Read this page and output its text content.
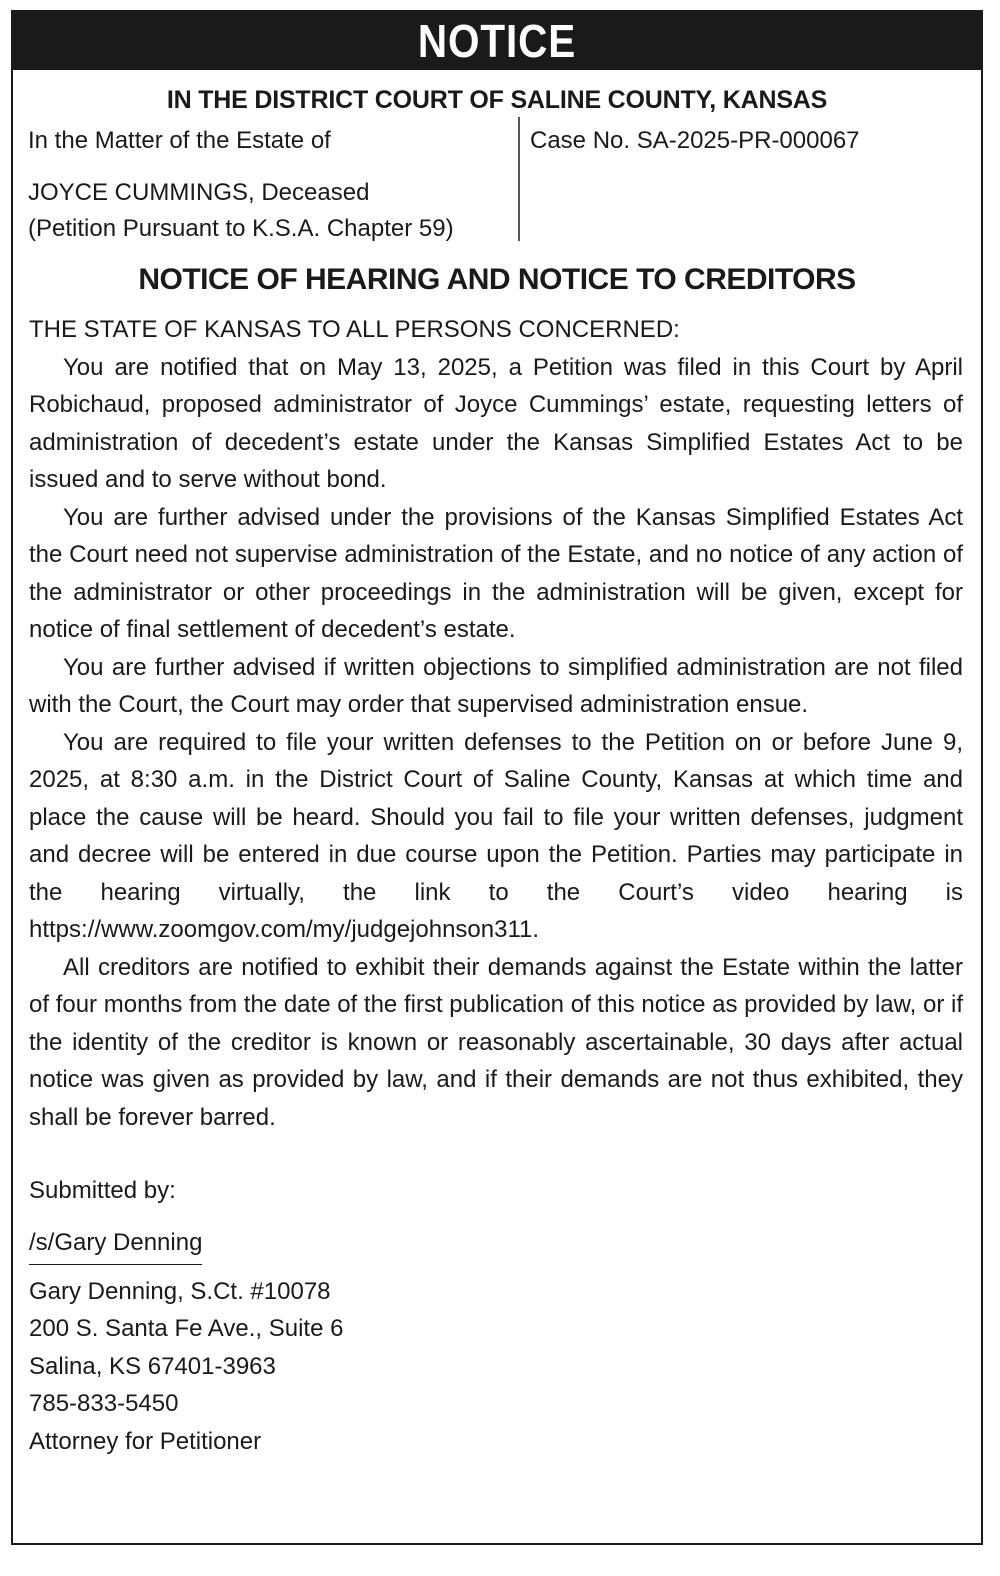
NOTICE
IN THE DISTRICT COURT OF SALINE COUNTY, KANSAS
In the Matter of the Estate of
JOYCE CUMMINGS, Deceased
(Petition Pursuant to K.S.A. Chapter 59)
Case No. SA-2025-PR-000067
NOTICE OF HEARING AND NOTICE TO CREDITORS

THE STATE OF KANSAS TO ALL PERSONS CONCERNED:

You are notified that on May 13, 2025, a Petition was filed in this Court by April Robichaud, proposed administrator of Joyce Cummings’ estate, requesting letters of administration of decedent’s estate under the Kansas Simplified Estates Act to be issued and to serve without bond.

You are further advised under the provisions of the Kansas Simplified Estates Act the Court need not supervise administration of the Estate, and no notice of any action of the administrator or other proceedings in the administration will be given, except for notice of final settlement of decedent’s estate.

You are further advised if written objections to simplified administration are not filed with the Court, the Court may order that supervised administration ensue.

You are required to file your written defenses to the Petition on or before June 9, 2025, at 8:30 a.m. in the District Court of Saline County, Kansas at which time and place the cause will be heard. Should you fail to file your written defenses, judgment and decree will be entered in due course upon the Petition. Parties may participate in the hearing virtually, the link to the Court’s video hearing is https://www.zoomgov.com/my/judgejohnson311.

All creditors are notified to exhibit their demands against the Estate within the latter of four months from the date of the first publication of this notice as provided by law, or if the identity of the creditor is known or reasonably ascertainable, 30 days after actual notice was given as provided by law, and if their demands are not thus exhibited, they shall be forever barred.

Submitted by:
/s/Gary Denning
Gary Denning, S.Ct. #10078
200 S. Santa Fe Ave., Suite 6
Salina, KS 67401-3963
785-833-5450
Attorney for Petitioner
